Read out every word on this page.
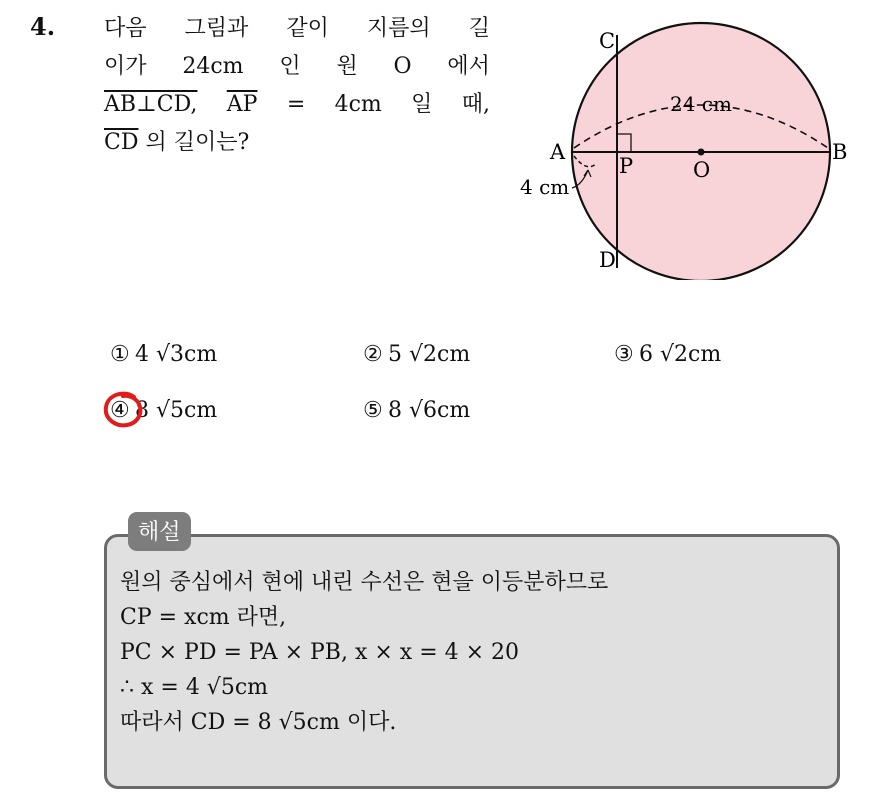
4. 다음 그림과 같이 지름의 길
이가 24cm 인 원 O 에서
AB⊥CD, $\overline{AP} = 4cm$ 일 때,
$\overline{CD}$ 의 길이는?
C
D
A	B
P	O
24 cm
4 cm
① 4 √3cm	② 5 √2cm	③ 6 √2cm
④ 8 √5cm	⑤ 8 √6cm
해설
원의 중심에서 현에 내린 수선은 현을 이등분하므로
CP = xcm 라면,
PC × PD = PA × PB, x × x = 4 × 20
∴ x = 4 √5cm
따라서 CD = 8 √5cm 이다.
